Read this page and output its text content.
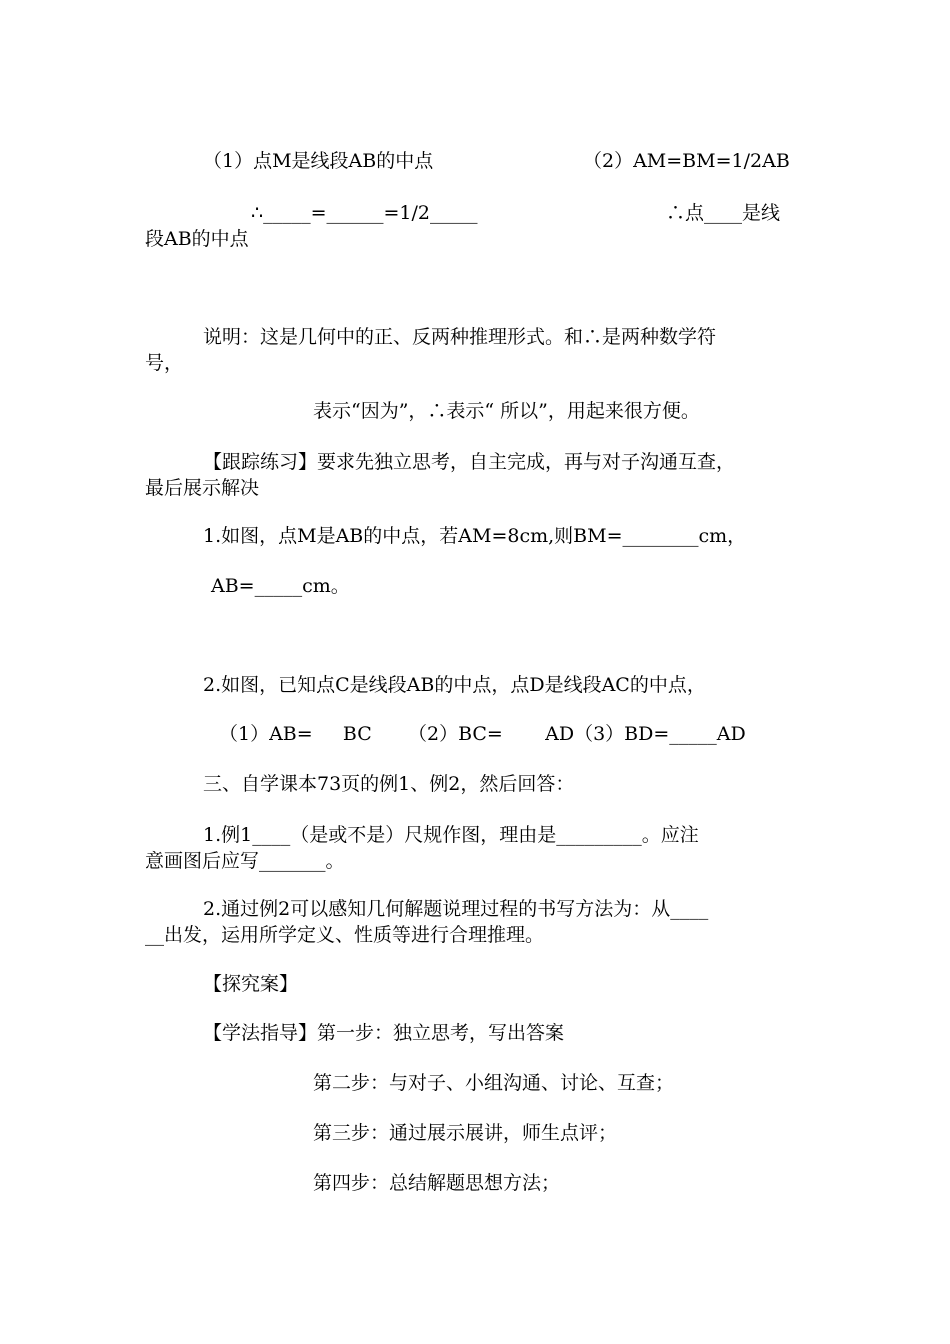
（1）点M是线段AB的中点	（2）AM=BM=1/2AB
∴_____=______=1/2_____	∴点____是线
段AB的中点
说明：这是几何中的正、反两种推理形式。和∴是两种数学符
号，
表示“因为”，∴表示“ 所以”，用起来很方便。
【跟踪练习】要求先独立思考，自主完成，再与对子沟通互查，
最后展示解决
1.如图，点M是AB的中点，若AM=8cm,则BM=________cm，
AB=_____cm。
2.如图，已知点C是线段AB的中点，点D是线段AC的中点，
（1）AB=     BC      （2）BC=       AD（3）BD=_____AD
三、自学课本73页的例1、例2，然后回答：
1.例1____（是或不是）尺规作图，理由是_________。应注
意画图后应写_______。
2.通过例2可以感知几何解题说理过程的书写方法为：从____
__出发，运用所学定义、性质等进行合理推理。
【探究案】
【学法指导】第一步：独立思考，写出答案
第二步：与对子、小组沟通、讨论、互查；
第三步：通过展示展讲，师生点评；
第四步：总结解题思想方法；
